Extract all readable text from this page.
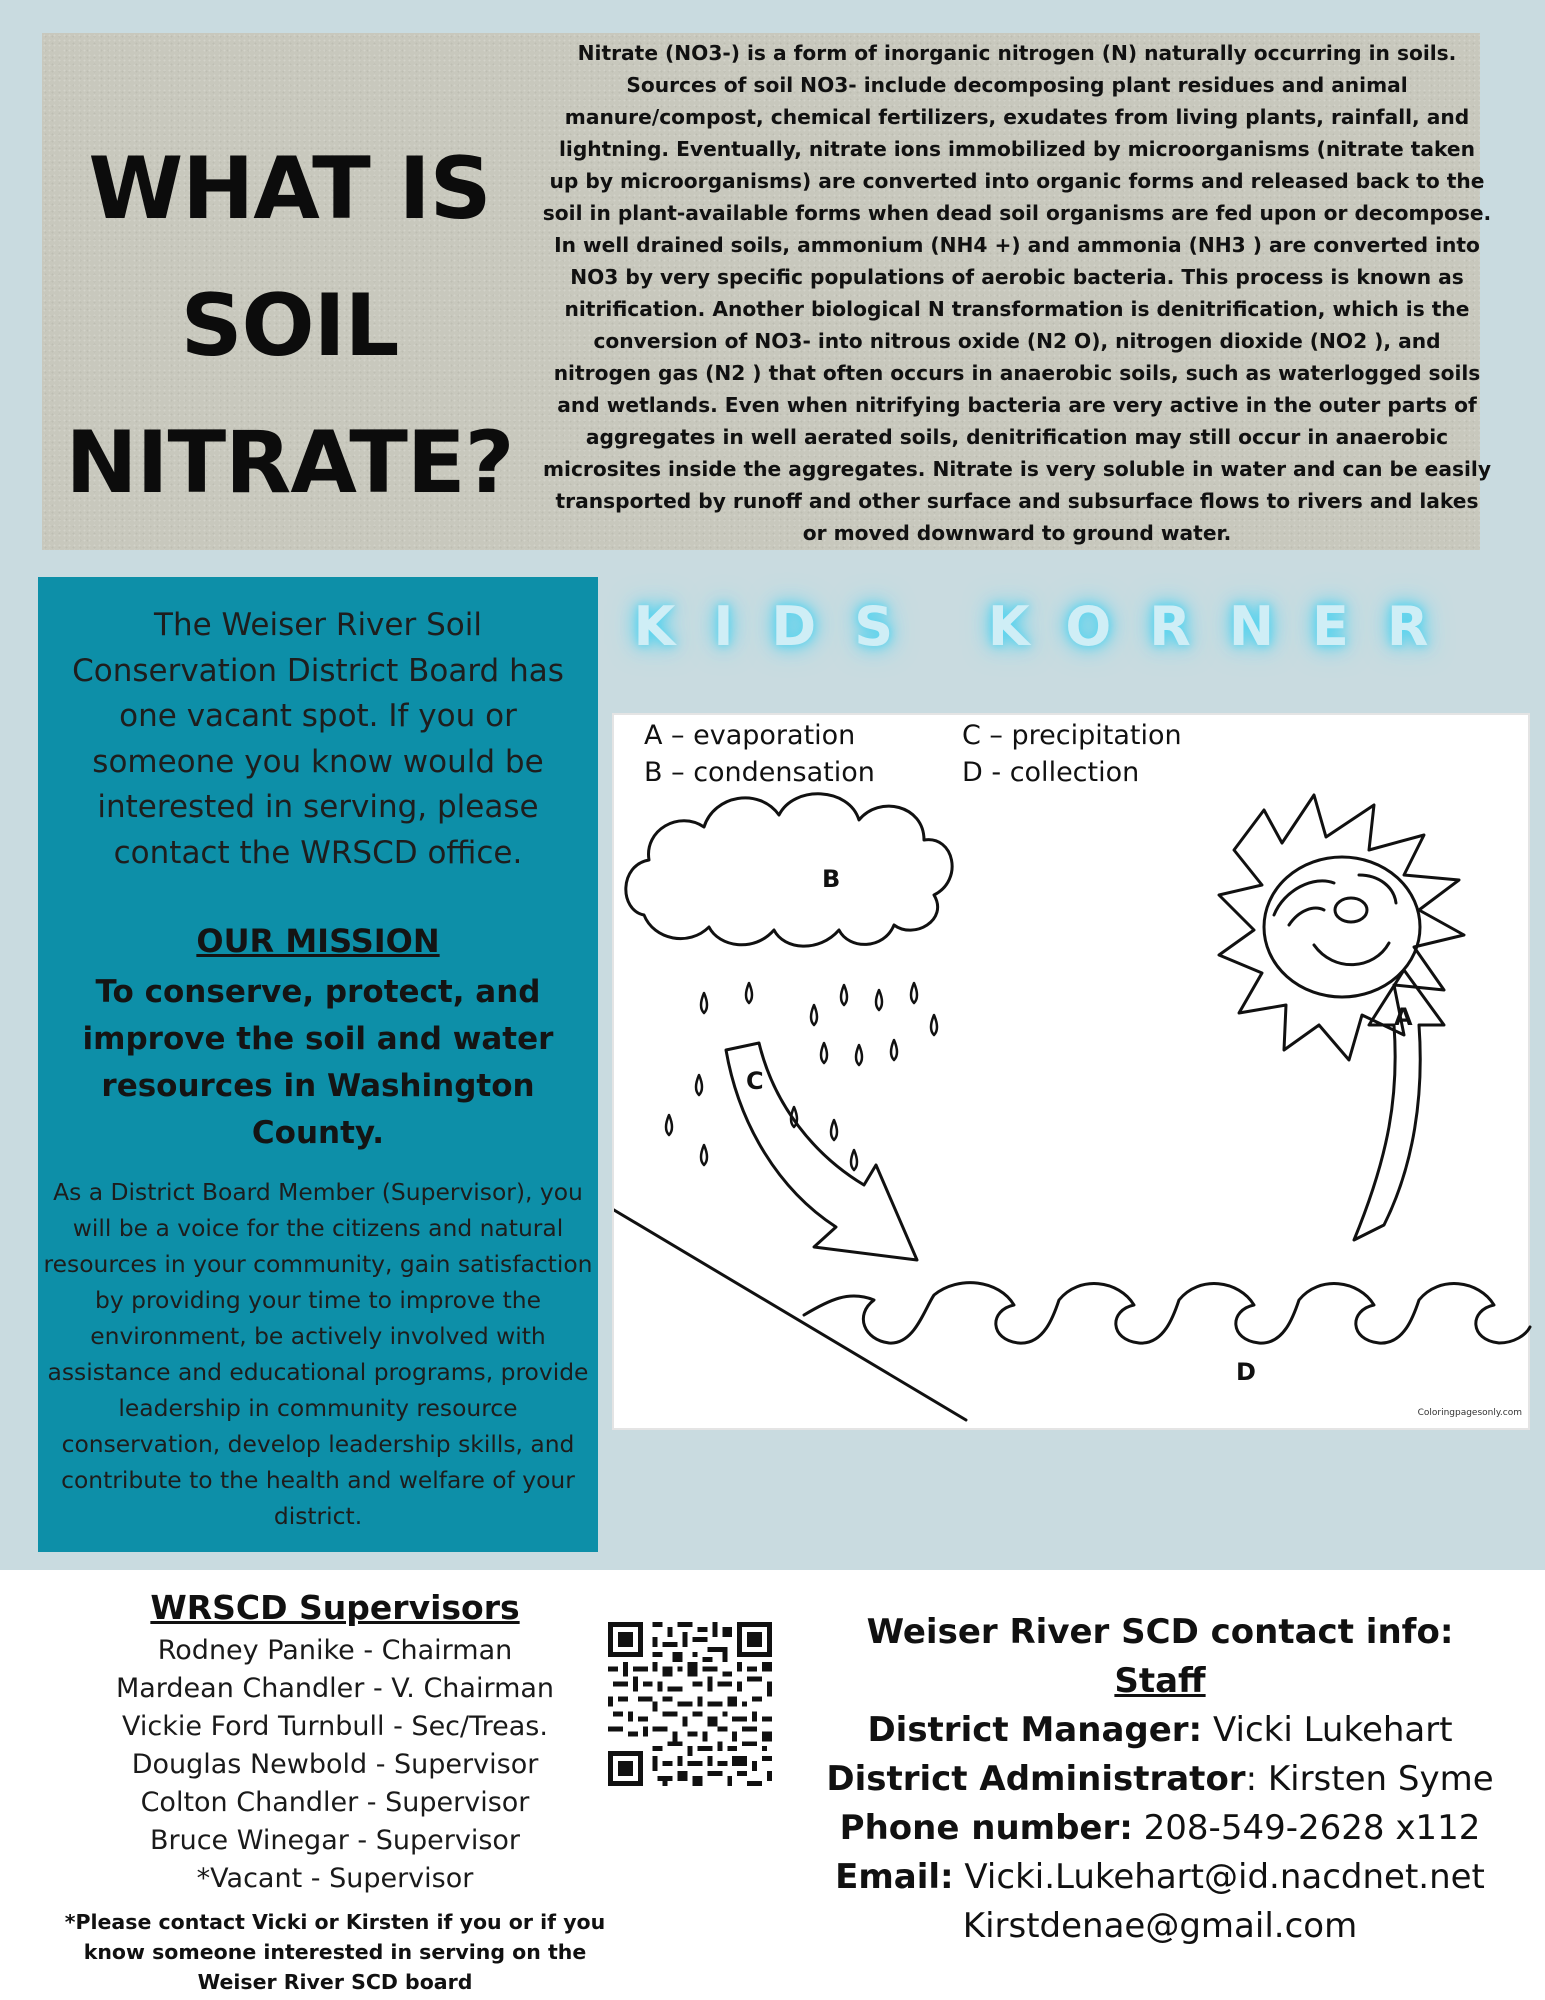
WHAT IS
SOIL
NITRATE?

Nitrate (NO3-) is a form of inorganic nitrogen (N) naturally occurring in soils. Sources of soil NO3- include decomposing plant residues and animal manure/compost, chemical fertilizers, exudates from living plants, rainfall, and lightning. Eventually, nitrate ions immobilized by microorganisms (nitrate taken up by microorganisms) are converted into organic forms and released back to the soil in plant-available forms when dead soil organisms are fed upon or decompose. In well drained soils, ammonium (NH4 +) and ammonia (NH3 ) are converted into NO3 by very specific populations of aerobic bacteria. This process is known as nitrification. Another biological N transformation is denitrification, which is the conversion of NO3- into nitrous oxide (N2 O), nitrogen dioxide (NO2 ), and nitrogen gas (N2 ) that often occurs in anaerobic soils, such as waterlogged soils and wetlands. Even when nitrifying bacteria are very active in the outer parts of aggregates in well aerated soils, denitrification may still occur in anaerobic microsites inside the aggregates. Nitrate is very soluble in water and can be easily transported by runoff and other surface and subsurface flows to rivers and lakes or moved downward to ground water.

The Weiser River Soil Conservation District Board has one vacant spot. If you or someone you know would be interested in serving, please contact the WRSCD office.

OUR MISSION

To conserve, protect, and improve the soil and water resources in Washington County.

As a District Board Member (Supervisor), you will be a voice for the citizens and natural resources in your community, gain satisfaction by providing your time to improve the environment, be actively involved with assistance and educational programs, provide leadership in community resource conservation, develop leadership skills, and contribute to the health and welfare of your district.

KIDS KORNER
A – evaporation
B – condensation
C – precipitation
D - collection
B
C
A
D
Coloringpagesonly.com
WRSCD Supervisors
Rodney Panike - Chairman
Mardean Chandler - V. Chairman
Vickie Ford Turnbull - Sec/Treas.
Douglas Newbold - Supervisor
Colton Chandler - Supervisor
Bruce Winegar - Supervisor
*Vacant - Supervisor

*Please contact Vicki or Kirsten if you or if you know someone interested in serving on the Weiser River SCD board

Weiser River SCD contact info:
Staff
District Manager: Vicki Lukehart
District Administrator: Kirsten Syme
Phone number: 208-549-2628 x112
Email: Vicki.Lukehart@id.nacdnet.net
Kirstdenae@gmail.com
